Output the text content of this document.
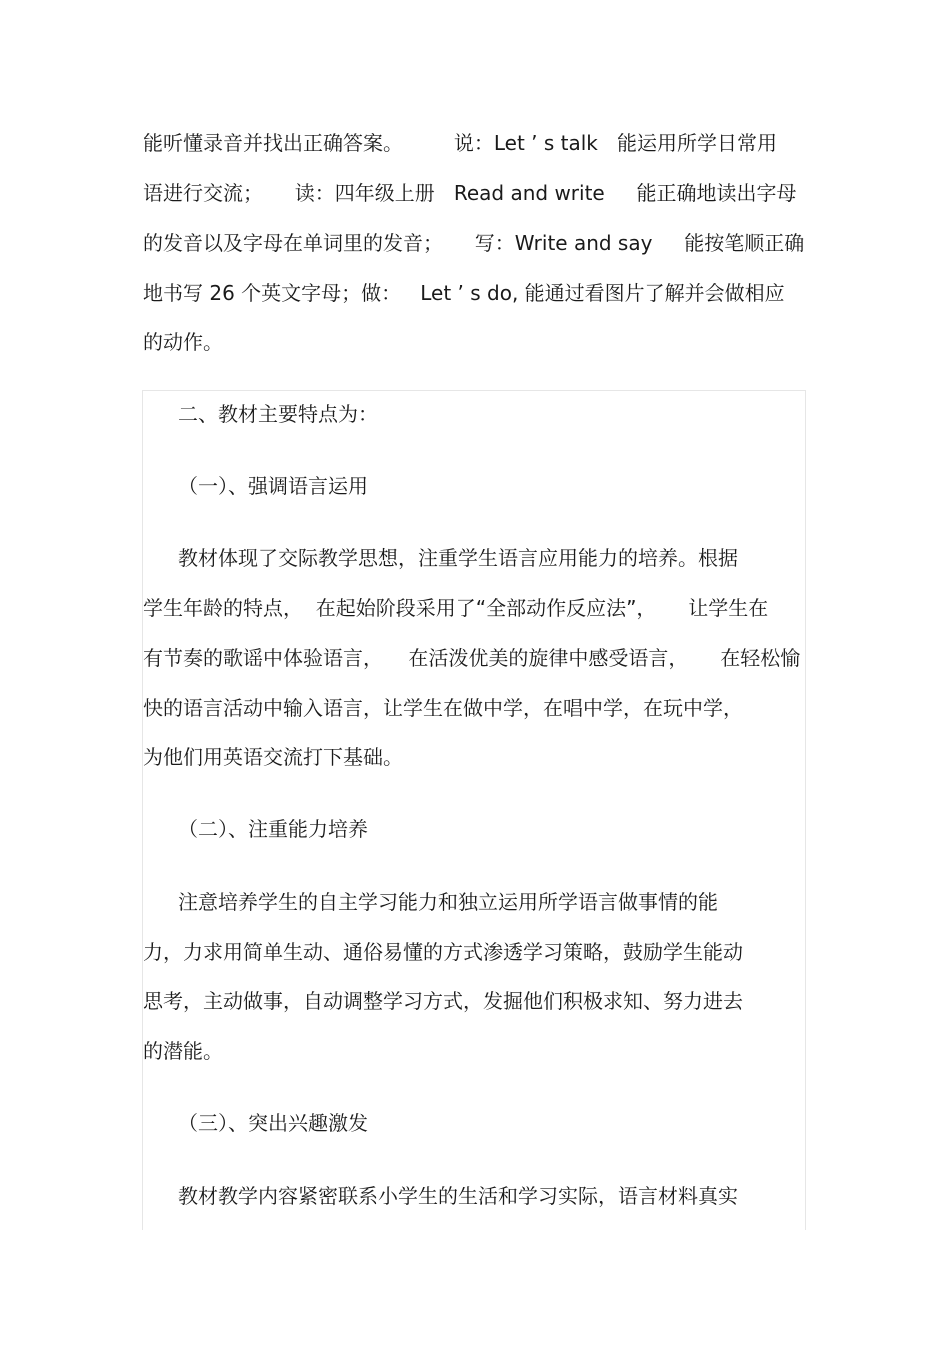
能听懂录音并找出正确答案。        说：Let ’ s talk   能运用所学日常用

语进行交流；     读：四年级上册   Read and write     能正确地读出字母

的发音以及字母在单词里的发音；     写：Write and say     能按笔顺正确

地书写 26 个英文字母；做：   Let ’ s do, 能通过看图片了解并会做相应

的动作。

二、教材主要特点为：

（一）、强调语言运用

教材体现了交际教学思想，注重学生语言应用能力的培养。根据

学生年龄的特点，  在起始阶段采用了“全部动作反应法”，     让学生在

有节奏的歌谣中体验语言，    在活泼优美的旋律中感受语言，     在轻松愉

快的语言活动中输入语言，让学生在做中学，在唱中学，在玩中学，

为他们用英语交流打下基础。

（二）、注重能力培养

注意培养学生的自主学习能力和独立运用所学语言做事情的能

力，力求用简单生动、通俗易懂的方式渗透学习策略，鼓励学生能动

思考，主动做事，自动调整学习方式，发掘他们积极求知、努力进去

的潜能。

（三）、突出兴趣激发

教材教学内容紧密联系小学生的生活和学习实际，语言材料真实
